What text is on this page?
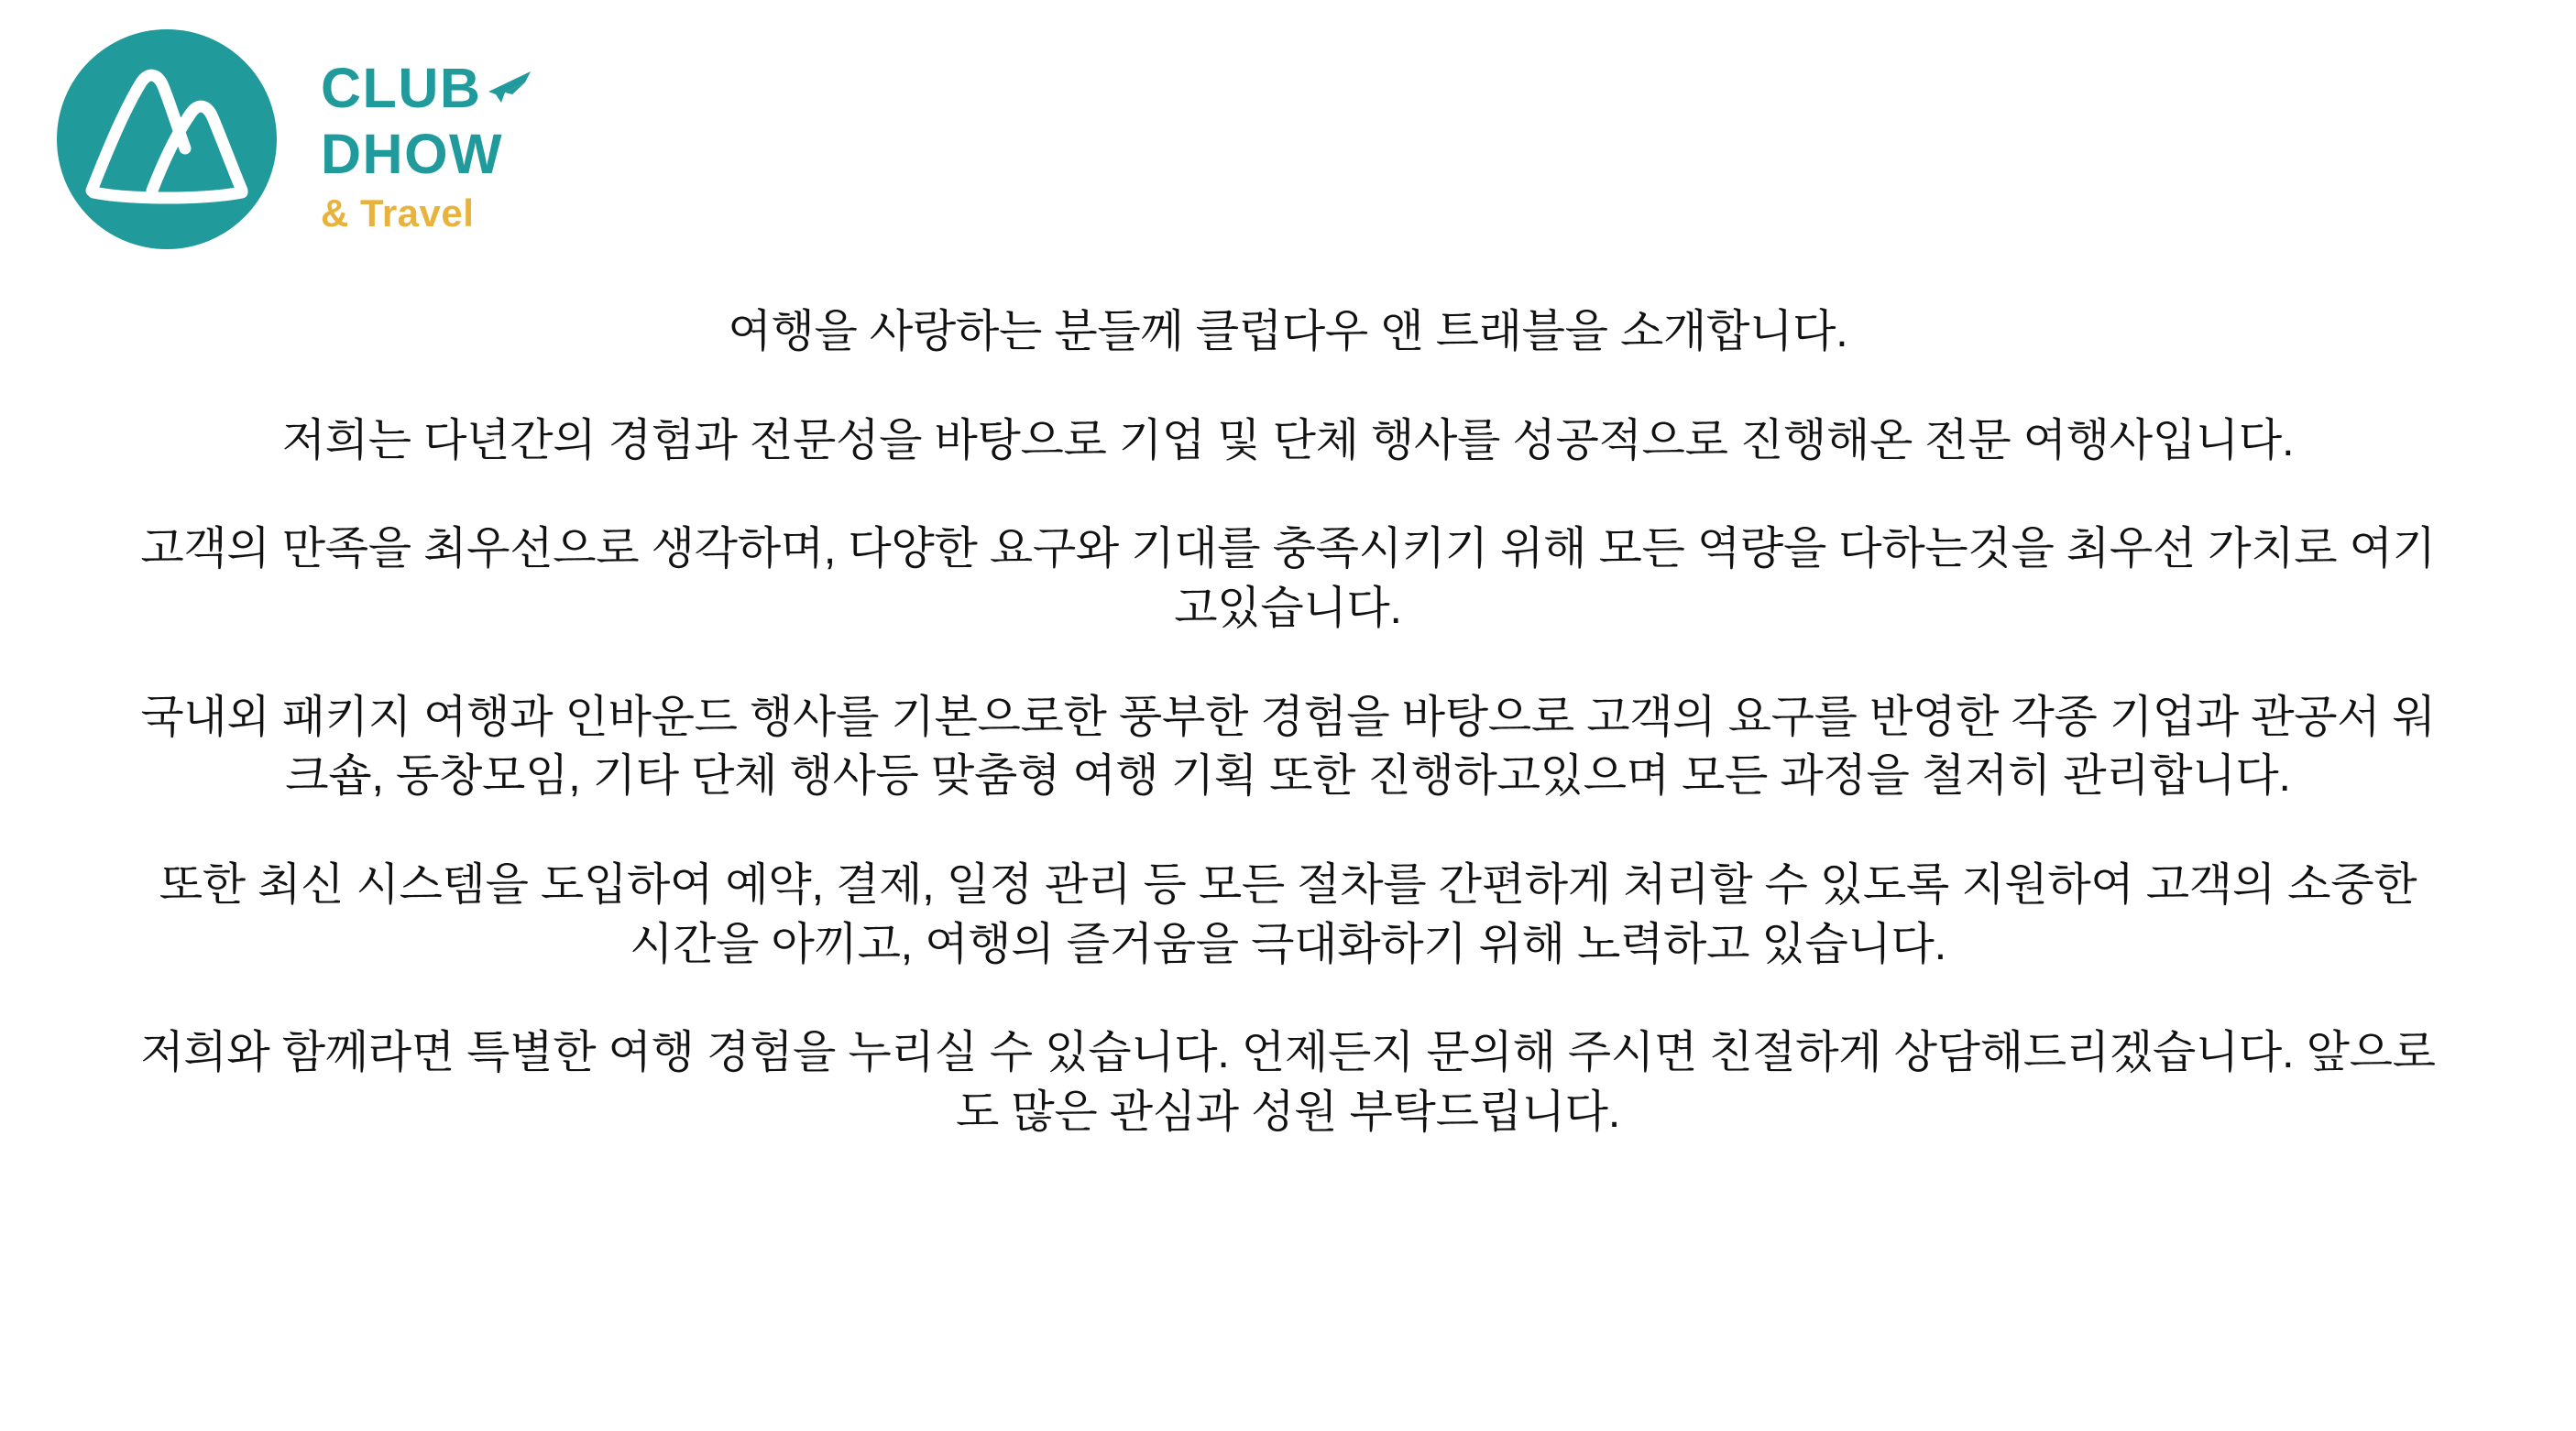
CLUB
DHOW
& Travel

여행을 사랑하는 분들께 클럽다우 앤 트래블을 소개합니다.

저희는 다년간의 경험과 전문성을 바탕으로 기업 및 단체 행사를 성공적으로 진행해온 전문 여행사입니다.

고객의 만족을 최우선으로 생각하며, 다양한 요구와 기대를 충족시키기 위해 모든 역량을 다하는것을 최우선 가치로 여기고있습니다.

국내외 패키지 여행과 인바운드 행사를 기본으로한 풍부한 경험을 바탕으로 고객의 요구를 반영한 각종 기업과 관공서 워크숍, 동창모임, 기타 단체 행사등 맞춤형 여행 기획 또한 진행하고있으며 모든 과정을 철저히 관리합니다.

또한 최신 시스템을 도입하여 예약, 결제, 일정 관리 등 모든 절차를 간편하게 처리할 수 있도록 지원하여 고객의 소중한 시간을 아끼고, 여행의 즐거움을 극대화하기 위해 노력하고 있습니다.

저희와 함께라면 특별한 여행 경험을 누리실 수 있습니다. 언제든지 문의해 주시면 친절하게 상담해드리겠습니다. 앞으로도 많은 관심과 성원 부탁드립니다.
